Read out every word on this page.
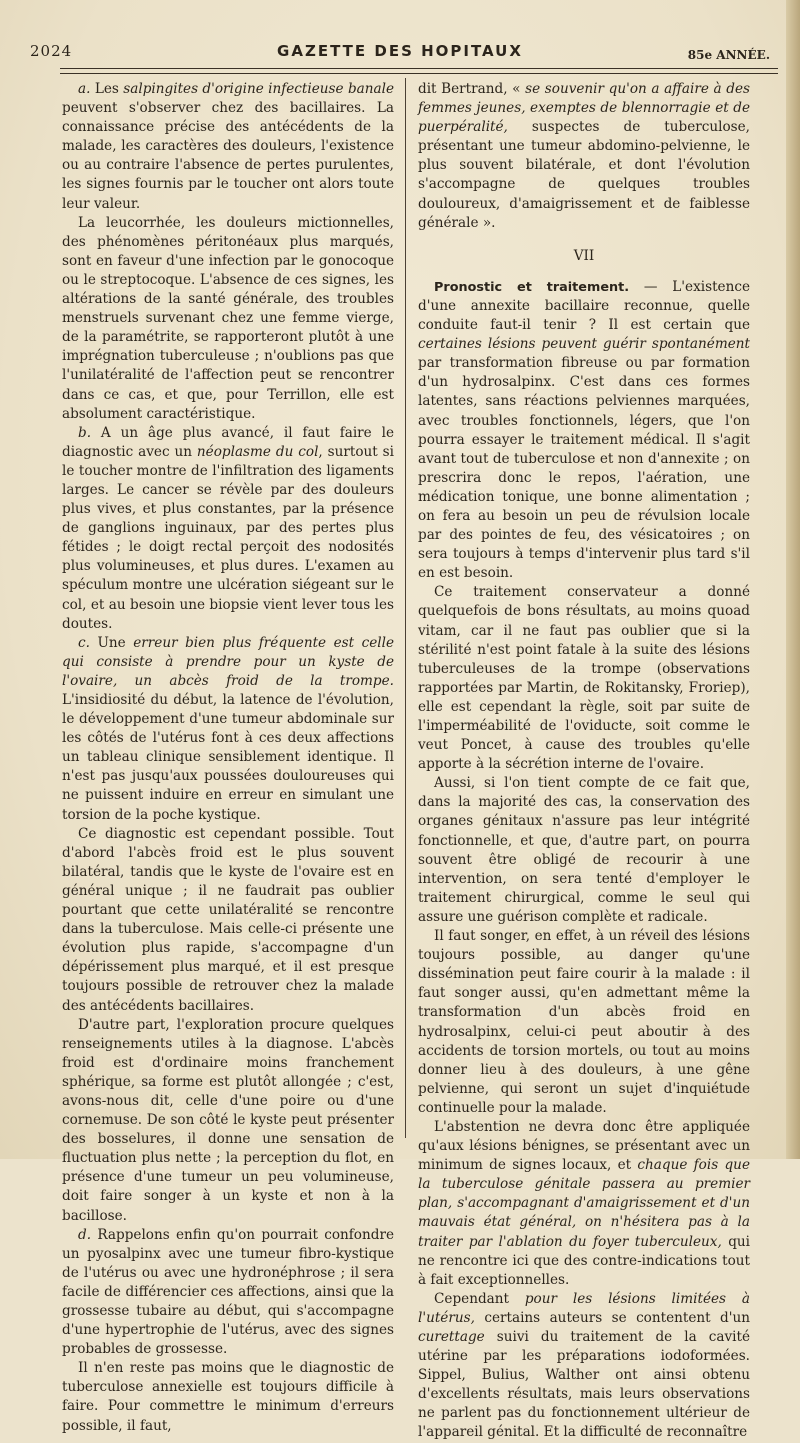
2024	GAZETTE DES HOPITAUX	85e ANNÉE.

a. Les salpingites d'origine infectieuse banale peuvent s'observer chez des bacillaires. La connaissance précise des antécédents de la malade, les caractères des douleurs, l'existence ou au contraire l'absence de pertes purulentes, les signes fournis par le toucher ont alors toute leur valeur.

La leucorrhée, les douleurs mictionnelles, des phénomènes péritonéaux plus marqués, sont en faveur d'une infection par le gonocoque ou le streptocoque. L'absence de ces signes, les altérations de la santé générale, des troubles menstruels survenant chez une femme vierge, de la paramétrite, se rapporteront plutôt à une imprégnation tuberculeuse ; n'oublions pas que l'unilatéralité de l'affection peut se rencontrer dans ce cas, et que, pour Terrillon, elle est absolument caractéristique.

b. A un âge plus avancé, il faut faire le diagnostic avec un néoplasme du col, surtout si le toucher montre de l'infiltration des ligaments larges. Le cancer se révèle par des douleurs plus vives, et plus constantes, par la présence de ganglions inguinaux, par des pertes plus fétides ; le doigt rectal perçoit des nodosités plus volumineuses, et plus dures. L'examen au spéculum montre une ulcération siégeant sur le col, et au besoin une biopsie vient lever tous les doutes.

c. Une erreur bien plus fréquente est celle qui consiste à prendre pour un kyste de l'ovaire, un abcès froid de la trompe. L'insidiosité du début, la latence de l'évolution, le développement d'une tumeur abdominale sur les côtés de l'utérus font à ces deux affections un tableau clinique sensiblement identique. Il n'est pas jusqu'aux poussées douloureuses qui ne puissent induire en erreur en simulant une torsion de la poche kystique.

Ce diagnostic est cependant possible. Tout d'abord l'abcès froid est le plus souvent bilatéral, tandis que le kyste de l'ovaire est en général unique ; il ne faudrait pas oublier pourtant que cette unilatéralité se rencontre dans la tuberculose. Mais celle-ci présente une évolution plus rapide, s'accompagne d'un dépérissement plus marqué, et il est presque toujours possible de retrouver chez la malade des antécédents bacillaires.

D'autre part, l'exploration procure quelques renseignements utiles à la diagnose. L'abcès froid est d'ordinaire moins franchement sphérique, sa forme est plutôt allongée ; c'est, avons-nous dit, celle d'une poire ou d'une cornemuse. De son côté le kyste peut présenter des bosselures, il donne une sensation de fluctuation plus nette ; la perception du flot, en présence d'une tumeur un peu volumineuse, doit faire songer à un kyste et non à la bacillose.

d. Rappelons enfin qu'on pourrait confondre un pyosalpinx avec une tumeur fibro-kystique de l'utérus ou avec une hydronéphrose ; il sera facile de différencier ces affections, ainsi que la grossesse tubaire au début, qui s'accompagne d'une hypertrophie de l'utérus, avec des signes probables de grossesse.

Il n'en reste pas moins que le diagnostic de tuberculose annexielle est toujours difficile à faire. Pour commettre le minimum d'erreurs possible, il faut,

dit Bertrand, « se souvenir qu'on a affaire à des femmes jeunes, exemptes de blennorragie et de puerpéralité, suspectes de tuberculose, présentant une tumeur abdomino-pelvienne, le plus souvent bilatérale, et dont l'évolution s'accompagne de quelques troubles douloureux, d'amaigrissement et de faiblesse générale ».

VII

Pronostic et traitement. — L'existence d'une annexite bacillaire reconnue, quelle conduite faut-il tenir ? Il est certain que certaines lésions peuvent guérir spontanément par transformation fibreuse ou par formation d'un hydrosalpinx. C'est dans ces formes latentes, sans réactions pelviennes marquées, avec troubles fonctionnels, légers, que l'on pourra essayer le traitement médical. Il s'agit avant tout de tuberculose et non d'annexite ; on prescrira donc le repos, l'aération, une médication tonique, une bonne alimentation ; on fera au besoin un peu de révulsion locale par des pointes de feu, des vésicatoires ; on sera toujours à temps d'intervenir plus tard s'il en est besoin.

Ce traitement conservateur a donné quelquefois de bons résultats, au moins quoad vitam, car il ne faut pas oublier que si la stérilité n'est point fatale à la suite des lésions tuberculeuses de la trompe (observations rapportées par Martin, de Rokitansky, Froriep), elle est cependant la règle, soit par suite de l'imperméabilité de l'oviducte, soit comme le veut Poncet, à cause des troubles qu'elle apporte à la sécrétion interne de l'ovaire.

Aussi, si l'on tient compte de ce fait que, dans la majorité des cas, la conservation des organes génitaux n'assure pas leur intégrité fonctionnelle, et que, d'autre part, on pourra souvent être obligé de recourir à une intervention, on sera tenté d'employer le traitement chirurgical, comme le seul qui assure une guérison complète et radicale.

Il faut songer, en effet, à un réveil des lésions toujours possible, au danger qu'une dissémination peut faire courir à la malade : il faut songer aussi, qu'en admettant même la transformation d'un abcès froid en hydrosalpinx, celui-ci peut aboutir à des accidents de torsion mortels, ou tout au moins donner lieu à des douleurs, à une gêne pelvienne, qui seront un sujet d'inquiétude continuelle pour la malade.

L'abstention ne devra donc être appliquée qu'aux lésions bénignes, se présentant avec un minimum de signes locaux, et chaque fois que la tuberculose génitale passera au premier plan, s'accompagnant d'amaigrissement et d'un mauvais état général, on n'hésitera pas à la traiter par l'ablation du foyer tuberculeux, qui ne rencontre ici que des contre-indications tout à fait exceptionnelles.

Cependant pour les lésions limitées à l'utérus, certains auteurs se contentent d'un curettage suivi du traitement de la cavité utérine par les préparations iodoformées. Sippel, Bulius, Walther ont ainsi obtenu d'excellents résultats, mais leurs observations ne parlent pas du fonctionnement ultérieur de l'appareil génital. Et la difficulté de reconnaître
